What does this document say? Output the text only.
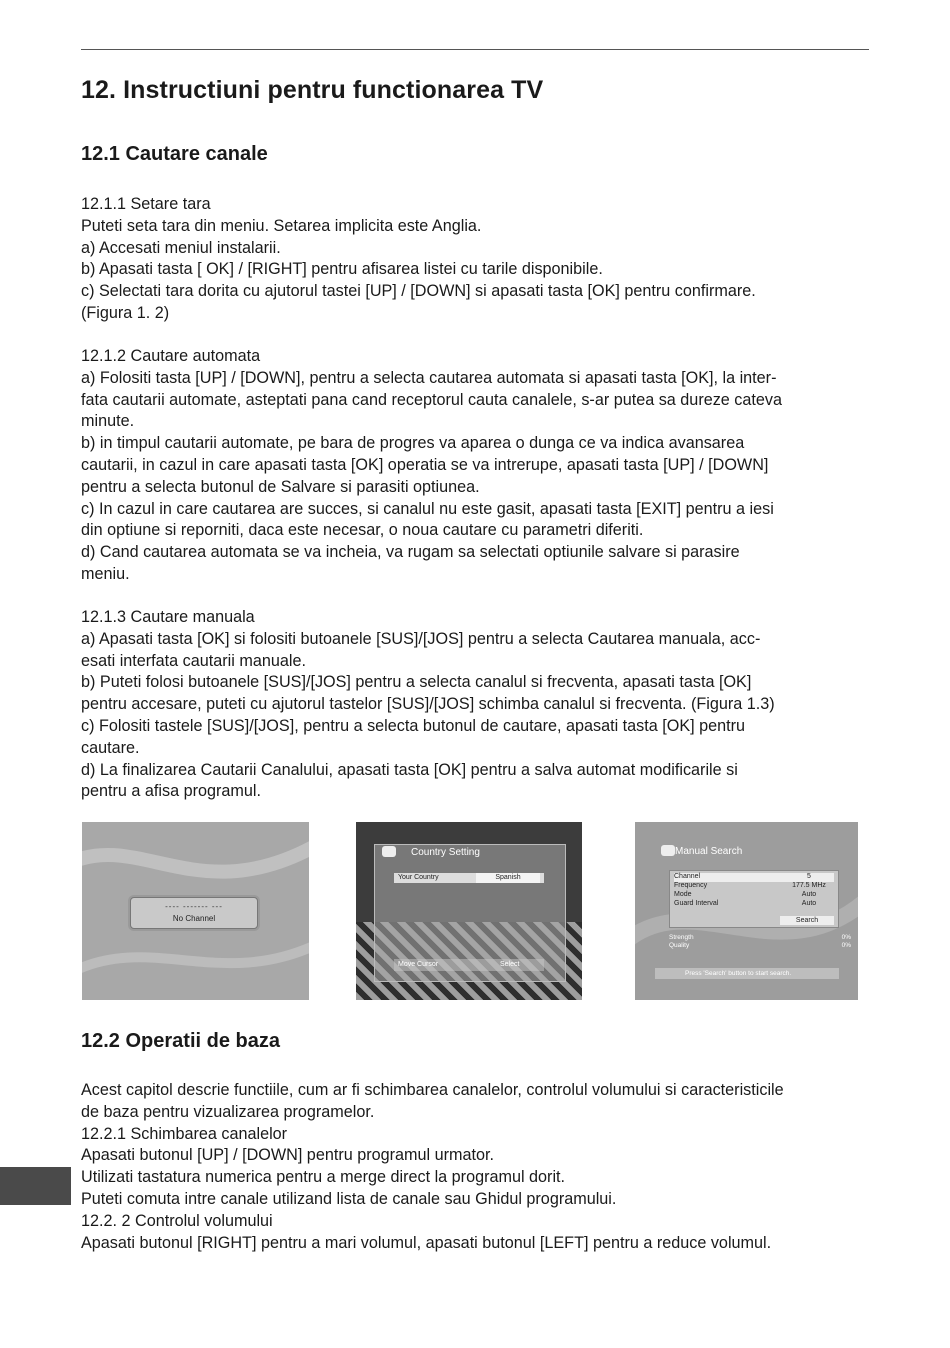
12. Instructiuni pentru functionarea TV
12.1 Cautare canale

12.1.1 Setare tara

Puteti seta tara din meniu. Setarea implicita este Anglia.

a) Accesati meniul instalarii.

b) Apasati tasta [ OK] / [RIGHT] pentru afisarea listei cu tarile disponibile.

c) Selectati tara dorita cu ajutorul tastei [UP] / [DOWN] si apasati tasta [OK] pentru confirmare.

(Figura 1. 2)

12.1.2 Cautare automata

a) Folositi tasta [UP] / [DOWN], pentru a selecta cautarea automata si apasati tasta [OK], la inter-

fata cautarii automate, asteptati pana cand receptorul cauta canalele, s-ar putea sa dureze cateva

minute.

b) in timpul cautarii automate, pe bara de progres va aparea o dunga ce va indica avansarea

cautarii, in cazul in care apasati tasta [OK] operatia se va intrerupe, apasati tasta [UP] / [DOWN]

pentru a selecta butonul de Salvare si parasiti optiunea.

c) In cazul in care cautarea are succes, si canalul nu este gasit, apasati tasta [EXIT] pentru a iesi

din optiune si reporniti, daca este necesar, o noua cautare cu parametri diferiti.

d) Cand cautarea automata se va incheia, va rugam sa selectati optiunile salvare si parasire

meniu.

12.1.3 Cautare manuala

a) Apasati tasta [OK] si folositi butoanele [SUS]/[JOS] pentru a selecta Cautarea manuala, acc-

esati interfata cautarii manuale.

b) Puteti folosi butoanele [SUS]/[JOS] pentru a selecta canalul si frecventa, apasati tasta [OK]

pentru accesare, puteti cu ajutorul tastelor [SUS]/[JOS] schimba canalul si frecventa. (Figura 1.3)

c) Folositi tastele [SUS]/[JOS], pentru a selecta butonul de cautare, apasati tasta [OK] pentru

cautare.

d) La finalizarea Cautarii Canalului, apasati tasta [OK] pentru a salva automat modificarile si

pentru a afisa programul.

---- ------- ---
No Channel
Country Setting
Your Country	Spanish
Move Cursor	Select
Manual Search
Channel	5
Frequency	177.5 MHz
Mode	Auto
Guard Interval	Auto
Search
Strength	0%
Quality	0%
Press 'Search' button to start search.
12.2 Operatii de baza

Acest capitol descrie functiile, cum ar fi schimbarea canalelor, controlul volumului si caracteristicile

de baza pentru vizualizarea programelor.

12.2.1 Schimbarea canalelor

Apasati butonul [UP] / [DOWN] pentru programul urmator.

Utilizati tastatura numerica pentru a merge direct la programul dorit.

Puteti comuta intre canale utilizand lista de canale sau Ghidul programului.

12.2. 2 Controlul volumului

Apasati butonul [RIGHT] pentru a mari volumul, apasati butonul [LEFT] pentru a reduce volumul.
